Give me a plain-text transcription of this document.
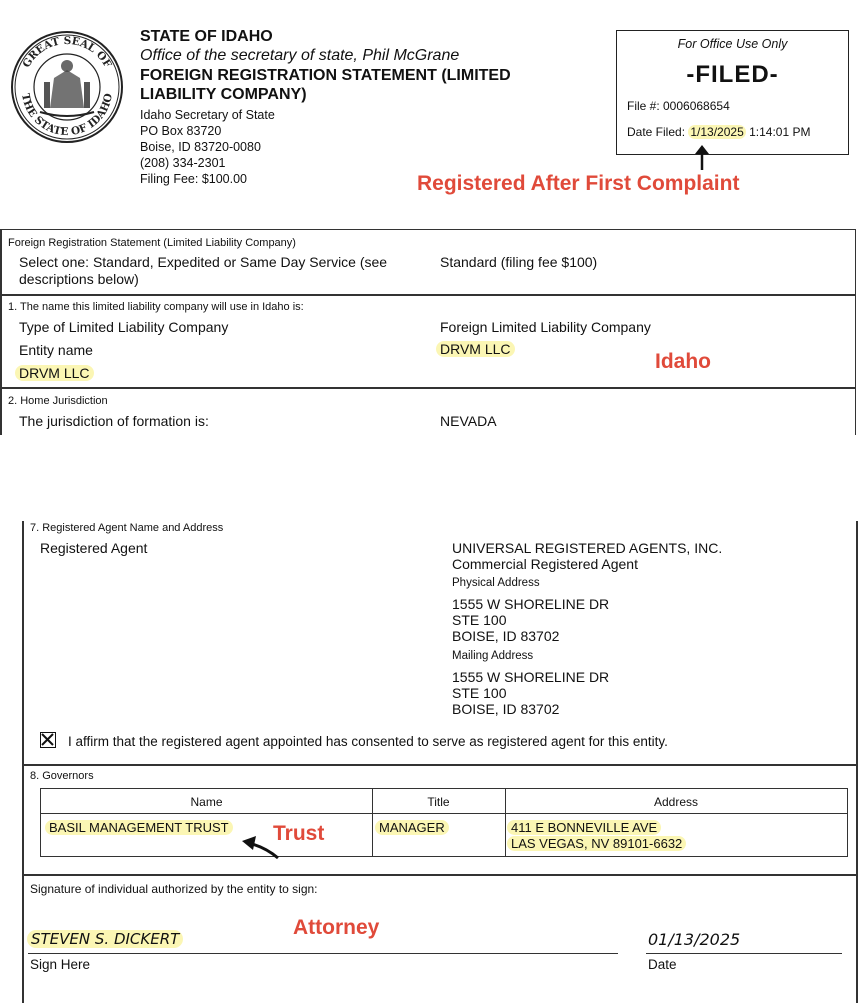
GREAT SEAL OF
THE STATE OF IDAHO
STATE OF IDAHO
Office of the secretary of state, Phil McGrane
FOREIGN REGISTRATION STATEMENT (LIMITED
LIABILITY COMPANY)
Idaho Secretary of State
PO Box 83720
Boise, ID 83720-0080
(208) 334-2301
Filing Fee: $100.00
For Office Use Only
-FILED-
File #: 0006068654
Date Filed: 1/13/2025 1:14:01 PM
Registered After First Complaint
Foreign Registration Statement (Limited Liability Company)
Select one: Standard, Expedited or Same Day Service (see
descriptions below)
Standard (filing fee $100)
1. The name this limited liability company will use in Idaho is:
Type of Limited Liability Company	Foreign Limited Liability Company
Entity name	DRVM LLC
DRVM LLC	Idaho
2. Home Jurisdiction
The jurisdiction of formation is:	NEVADA
7. Registered Agent Name and Address
Registered Agent	UNIVERSAL REGISTERED AGENTS, INC.
Commercial Registered Agent
Physical Address
1555 W SHORELINE DR
STE 100
BOISE, ID 83702
Mailing Address
1555 W SHORELINE DR
STE 100
BOISE, ID 83702
I affirm that the registered agent appointed has consented to serve as registered agent for this entity.
8. Governors
Name	Title	Address
BASIL MANAGEMENT TRUST	MANAGER	411 E BONNEVILLE AVE
LAS VEGAS, NV 89101-6632
Trust
Signature of individual authorized by the entity to sign:
Attorney
STEVEN S. DICKERT
Sign Here
01/13/2025
Date
